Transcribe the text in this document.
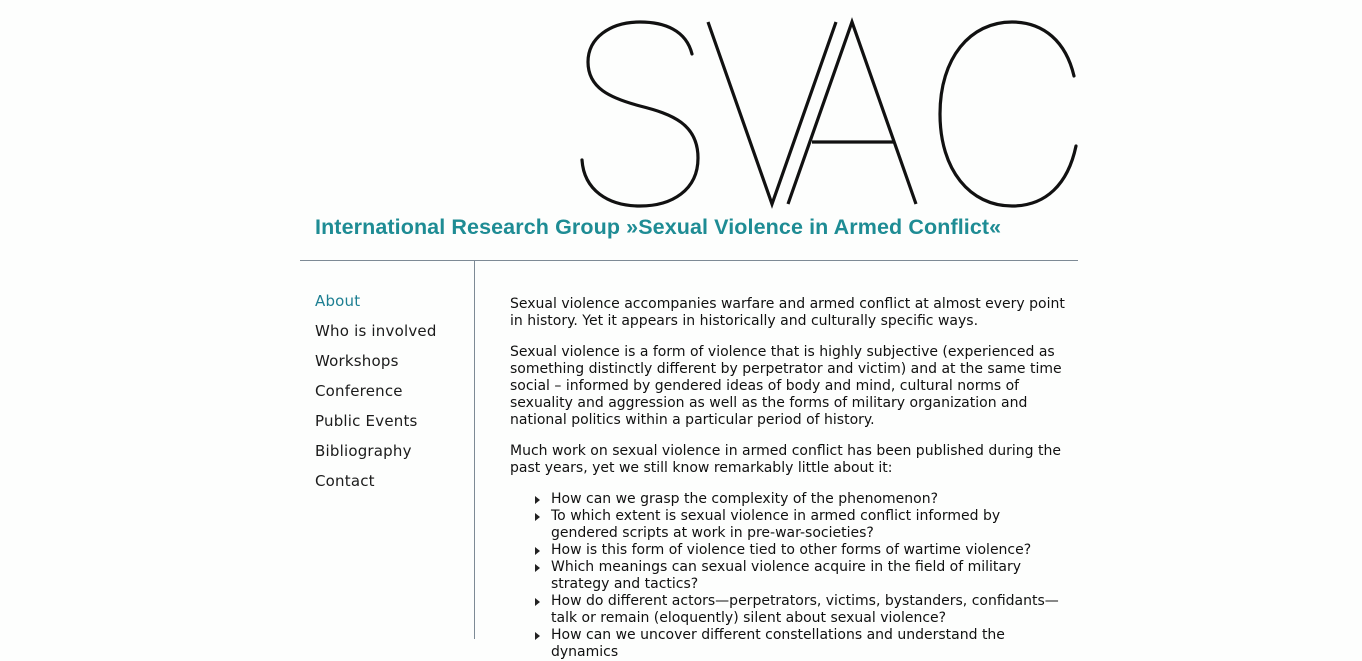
International Research Group »Sexual Violence in Armed Conflict«
About
Who is involved
Workshops
Conference
Public Events
Bibliography
Contact

Sexual violence accompanies warfare and armed conflict at almost every point in history. Yet it appears in historically and culturally specific ways.

Sexual violence is a form of violence that is highly subjective (experienced as something distinctly different by perpetrator and victim) and at the same time social – informed by gendered ideas of body and mind, cultural norms of sexuality and aggression as well as the forms of military organization and national politics within a particular period of history.

Much work on sexual violence in armed conflict has been published during the past years, yet we still know remarkably little about it:

How can we grasp the complexity of the phenomenon?
To which extent is sexual violence in armed conflict informed by gendered scripts at work in pre-war-societies?
How is this form of violence tied to other forms of wartime violence?
Which meanings can sexual violence acquire in the field of military strategy and tactics?
How do different actors—perpetrators, victims, bystanders, confidants—talk or remain (eloquently) silent about sexual violence?
How can we uncover different constellations and understand the dynamics
